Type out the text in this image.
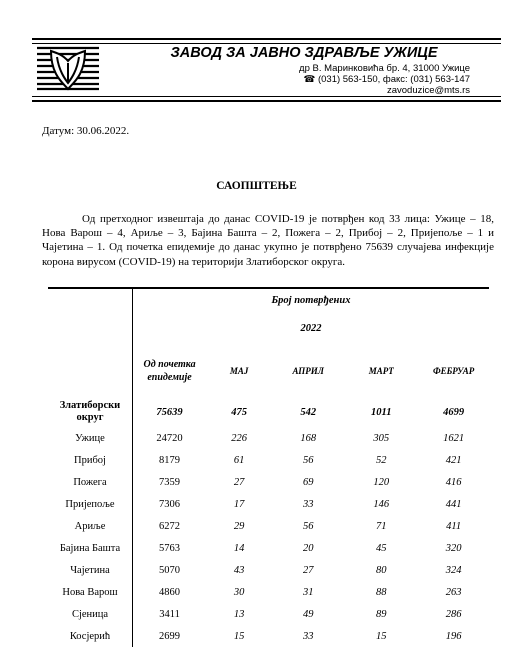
ЗАВОД ЗА ЈАВНО ЗДРАВЉЕ УЖИЦЕ
др В. Маринковића бр. 4, 31000 Ужице
☎ (031) 563-150, факс: (031) 563-147
zavoduzice@mts.rs
Датум: 30.06.2022.
САОПШТЕЊЕ
Од претходног извештаја до данас COVID-19 је потврђен код 33 лица: Ужице – 18, Нова Варош – 4, Ариље – 3, Бајина Башта – 2, Пожега – 2, Прибој – 2, Пријепоље – 1 и Чајетина – 1. Од почетка епидемије до данас укупно је потврђено 75639 случајева инфекције корона вирусом (COVID-19) на територији Златиборског округа.
	Број потврђених				
	2022				
	Од почетка епидемије	МАЈ	АПРИЛ	МАРТ	ФЕБРУАР
Златиборски округ	75639	475	542	1011	4699
Ужице	24720	226	168	305	1621
Прибој	8179	61	56	52	421
Пожега	7359	27	69	120	416
Пријепоље	7306	17	33	146	441
Ариље	6272	29	56	71	411
Бајина Башта	5763	14	20	45	320
Чајетина	5070	43	27	80	324
Нова Варош	4860	30	31	88	263
Сјеница	3411	13	49	89	286
Косјерић	2699	15	33	15	196
